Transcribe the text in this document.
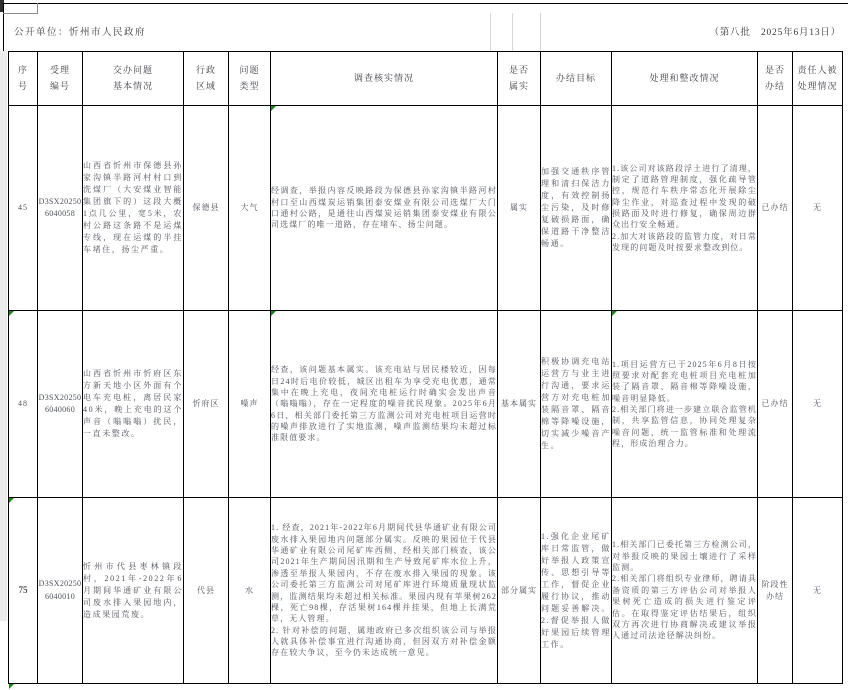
公开单位：忻州市人民政府	（第八批　2025年6月13日）
序
号	受理
编号	交办问题
基本情况	行政
区域	问题
类型	调查核实情况	是否
属实	办结目标	处理和整改情况	是否
办结	责任人被
处理情况
45	D3SX202506040058	山西省忻州市保德县孙家沟镇半路河村村口到洗煤厂（大安煤业智能集团旗下的）这段大概1点几公里，宽5米，农村公路这条路不是运煤专线，现在运煤的半挂车堵住，扬尘严重。	保德县	大气	经调查，举报内容反映路段为保德县孙家沟镇半路河村村口至山西煤炭运销集团泰安煤业有限公司选煤厂大门口通村公路，是通往山西煤炭运销集团泰安煤业有限公司选煤厂的唯一道路，存在堵车、扬尘问题。	属实	加强交通秩序管理和清扫保洁力度，有效控制扬尘污染，及时修复破损路面，确保道路干净整洁畅通。	1.该公司对该路段浮土进行了清理，制定了道路管理制度，强化疏导管控，规范行车秩序常态化开展除尘降尘作业，对巡查过程中发现的破损路面及时进行修复，确保周边群众出行安全畅通。
2.加大对该路段的监管力度，对日常发现的问题及时按要求整改到位。	已办结	无
48	D3SX202506040060	山西省忻州市忻府区东方新天地小区外面有个电车充电桩，离居民家40米，晚上充电的这个声音（嗡嗡嗡）扰民，一直未整改。	忻府区	噪声	经查，该问题基本属实。该充电站与居民楼较近，因每日24时后电价较低，城区出租车为享受充电优惠，通常集中在晚上充电，夜间充电桩运行时确实会发出声音（嗡嗡嗡），存在一定程度的噪音扰民现象。2025年6月6日，相关部门委托第三方监测公司对充电桩项目运营时的噪声排放进行了实地监测，噪声监测结果均未超过标准限值要求。	基本属实	积极协调充电站运营方与业主进行沟通，要求运营方对充电桩加装隔音罩、隔音棉等降噪设施，切实减少噪音产生。	1.项目运营方已于2025年6月8日按照要求对配套充电桩项目充电桩加装了隔音罩、隔音棉等降噪设施，噪音明显降低。
2.相关部门将进一步建立联合监管机制，共享监管信息，协同处理复杂噪音问题，统一监管标准和处理流程，形成治理合力。	已办结	无
75	D3SX202506040010	忻州市代县枣林镇段村，2021年-2022年6月期间华通矿业有限公司废水排入果园地内，造成果园荒废。	代县	水	1. 经查，2021年-2022年6月期间代县华通矿业有限公司废水排入果园地内问题部分属实。反映的果园位于代县华通矿业有限公司尾矿库西侧，经相关部门核查，该公司2021年生产期间因汛期和生产导致尾矿库水位上升，渗透至举报人果园内，不存在废水排入果园的现象。该公司委托第三方监测公司对尾矿库进行环境质量现状监测，监测结果均未超过相关标准。果园内现有苹果树262棵，死亡98棵，存活果树164棵并挂果，但地上长满荒草，无人管理。
2. 针对补偿的问题，属地政府已多次组织该公司与举报人就具体补偿事宜进行沟通协商，但因双方对补偿金额存在较大争议，至今仍未达成统一意见。	部分属实	1.强化企业尾矿库日常监管，做好举报人政策宣传、思想引导等工作，督促企业履行协议，推动问题妥善解决。2.督促举报人做好果园后续管理工作。	1.相关部门已委托第三方检测公司，对举报反映的果园土壤进行了采样监测。
2.相关部门将组织专业律师，聘请具备资质的第三方评估公司对举报人果树死亡造成的损失进行鉴定评估。在取得鉴定评估结果后，组织双方再次进行协商解决或建议举报人通过司法途径解决纠纷。	阶段性办结	无
